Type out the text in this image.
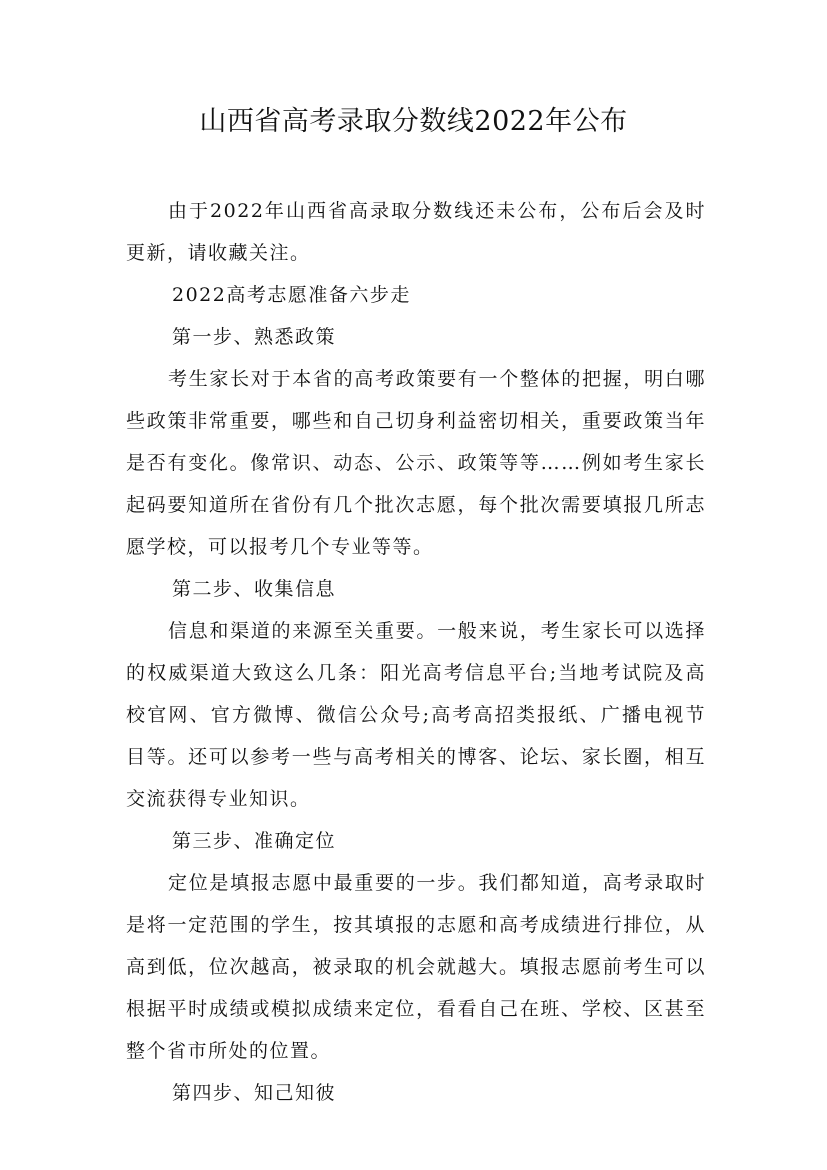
山西省高考录取分数线2022年公布

由于2022年山西省高录取分数线还未公布，公布后会及时更新，请收藏关注。

2022高考志愿准备六步走

第一步、熟悉政策

考生家长对于本省的高考政策要有一个整体的把握，明白哪些政策非常重要，哪些和自己切身利益密切相关，重要政策当年是否有变化。像常识、动态、公示、政策等等……例如考生家长起码要知道所在省份有几个批次志愿，每个批次需要填报几所志愿学校，可以报考几个专业等等。

第二步、收集信息

信息和渠道的来源至关重要。一般来说，考生家长可以选择的权威渠道大致这么几条：阳光高考信息平台;当地考试院及高校官网、官方微博、微信公众号;高考高招类报纸、广播电视节目等。还可以参考一些与高考相关的博客、论坛、家长圈，相互交流获得专业知识。

第三步、准确定位

定位是填报志愿中最重要的一步。我们都知道，高考录取时是将一定范围的学生，按其填报的志愿和高考成绩进行排位，从高到低，位次越高，被录取的机会就越大。填报志愿前考生可以根据平时成绩或模拟成绩来定位，看看自己在班、学校、区甚至整个省市所处的位置。

第四步、知己知彼
